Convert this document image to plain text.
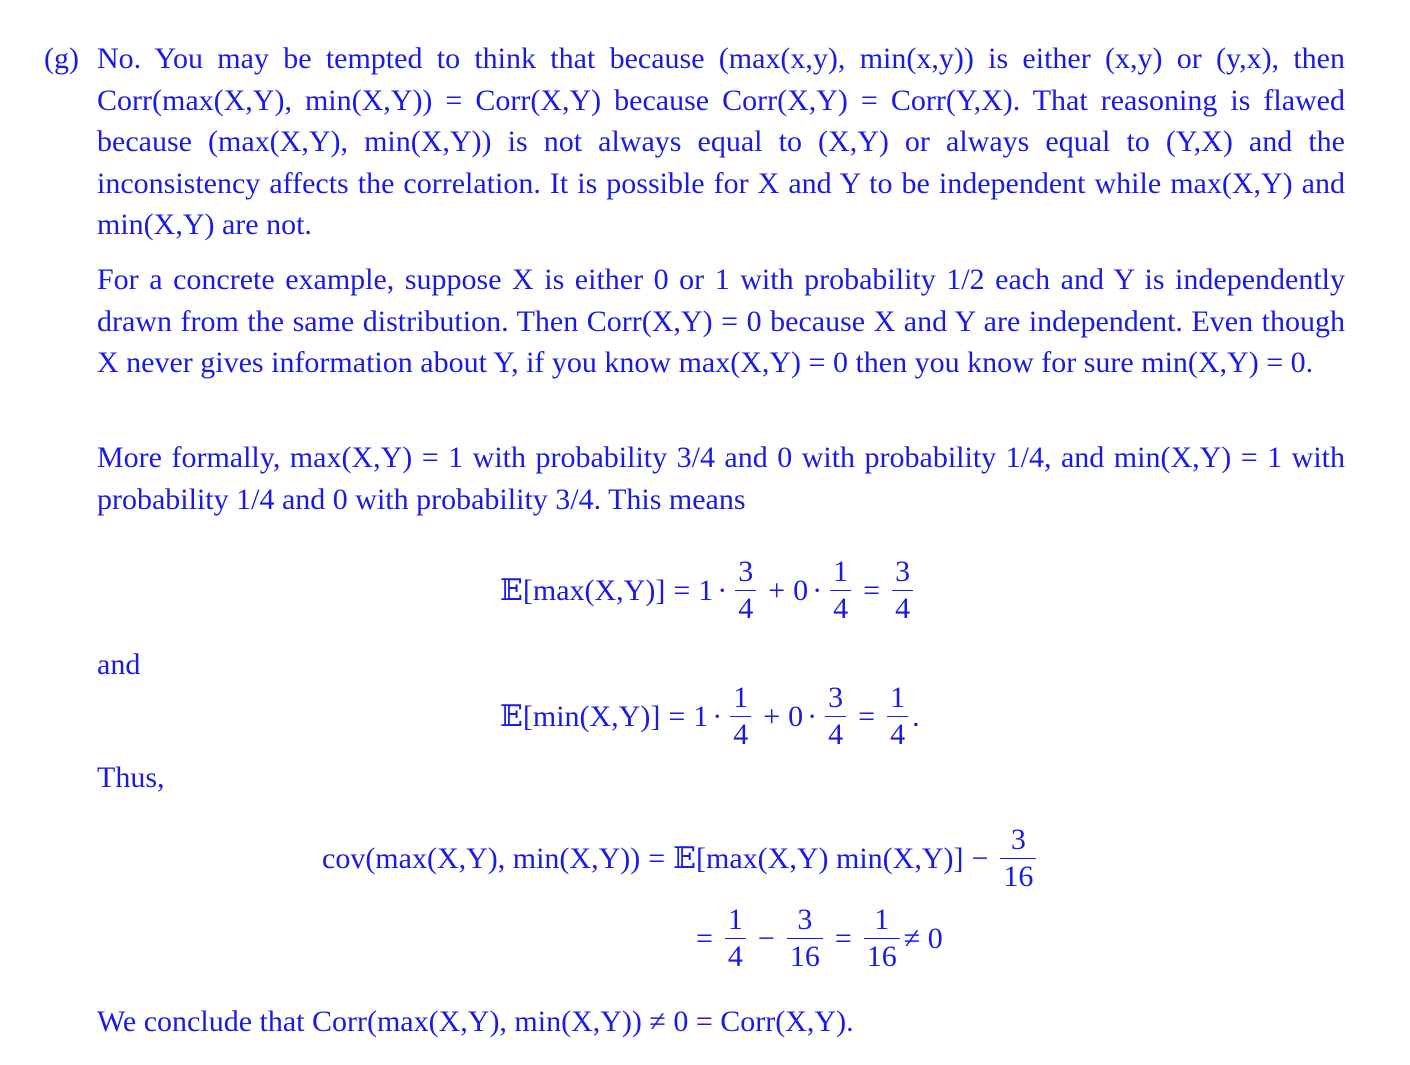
(g) No. You may be tempted to think that because (max(x,y), min(x,y)) is either (x,y) or (y,x), then Corr(max(X,Y), min(X,Y)) = Corr(X,Y) because Corr(X,Y) = Corr(Y,X). That reasoning is flawed because (max(X,Y), min(X,Y)) is not always equal to (X,Y) or always equal to (Y,X) and the inconsistency affects the correlation. It is possible for X and Y to be independent while max(X,Y) and min(X,Y) are not.
For a concrete example, suppose X is either 0 or 1 with probability 1/2 each and Y is independently drawn from the same distribution. Then Corr(X,Y) = 0 because X and Y are independent. Even though X never gives information about Y, if you know max(X,Y) = 0 then you know for sure min(X,Y) = 0.
More formally, max(X,Y) = 1 with probability 3/4 and 0 with probability 1/4, and min(X,Y) = 1 with probability 1/4 and 0 with probability 3/4. This means
𝔼[max(X,Y)] = $1 \cdot \frac{3}{4} + 0 \cdot \frac{1}{4} = \frac{3}{4}$
and
𝔼[min(X,Y)] = $1 \cdot \frac{1}{4} + 0 \cdot \frac{3}{4} = \frac{1}{4}$ .
Thus,
cov(max(X,Y), min(X,Y)) = 𝔼[max(X,Y) $\min(X,Y)] - \frac{3}{16}$
= $\frac{1}{4} - \frac{3}{16} = \frac{1}{16} \ne 0$
We conclude that Corr(max(X,Y), min(X,Y)) ≠ 0 = Corr(X,Y).
